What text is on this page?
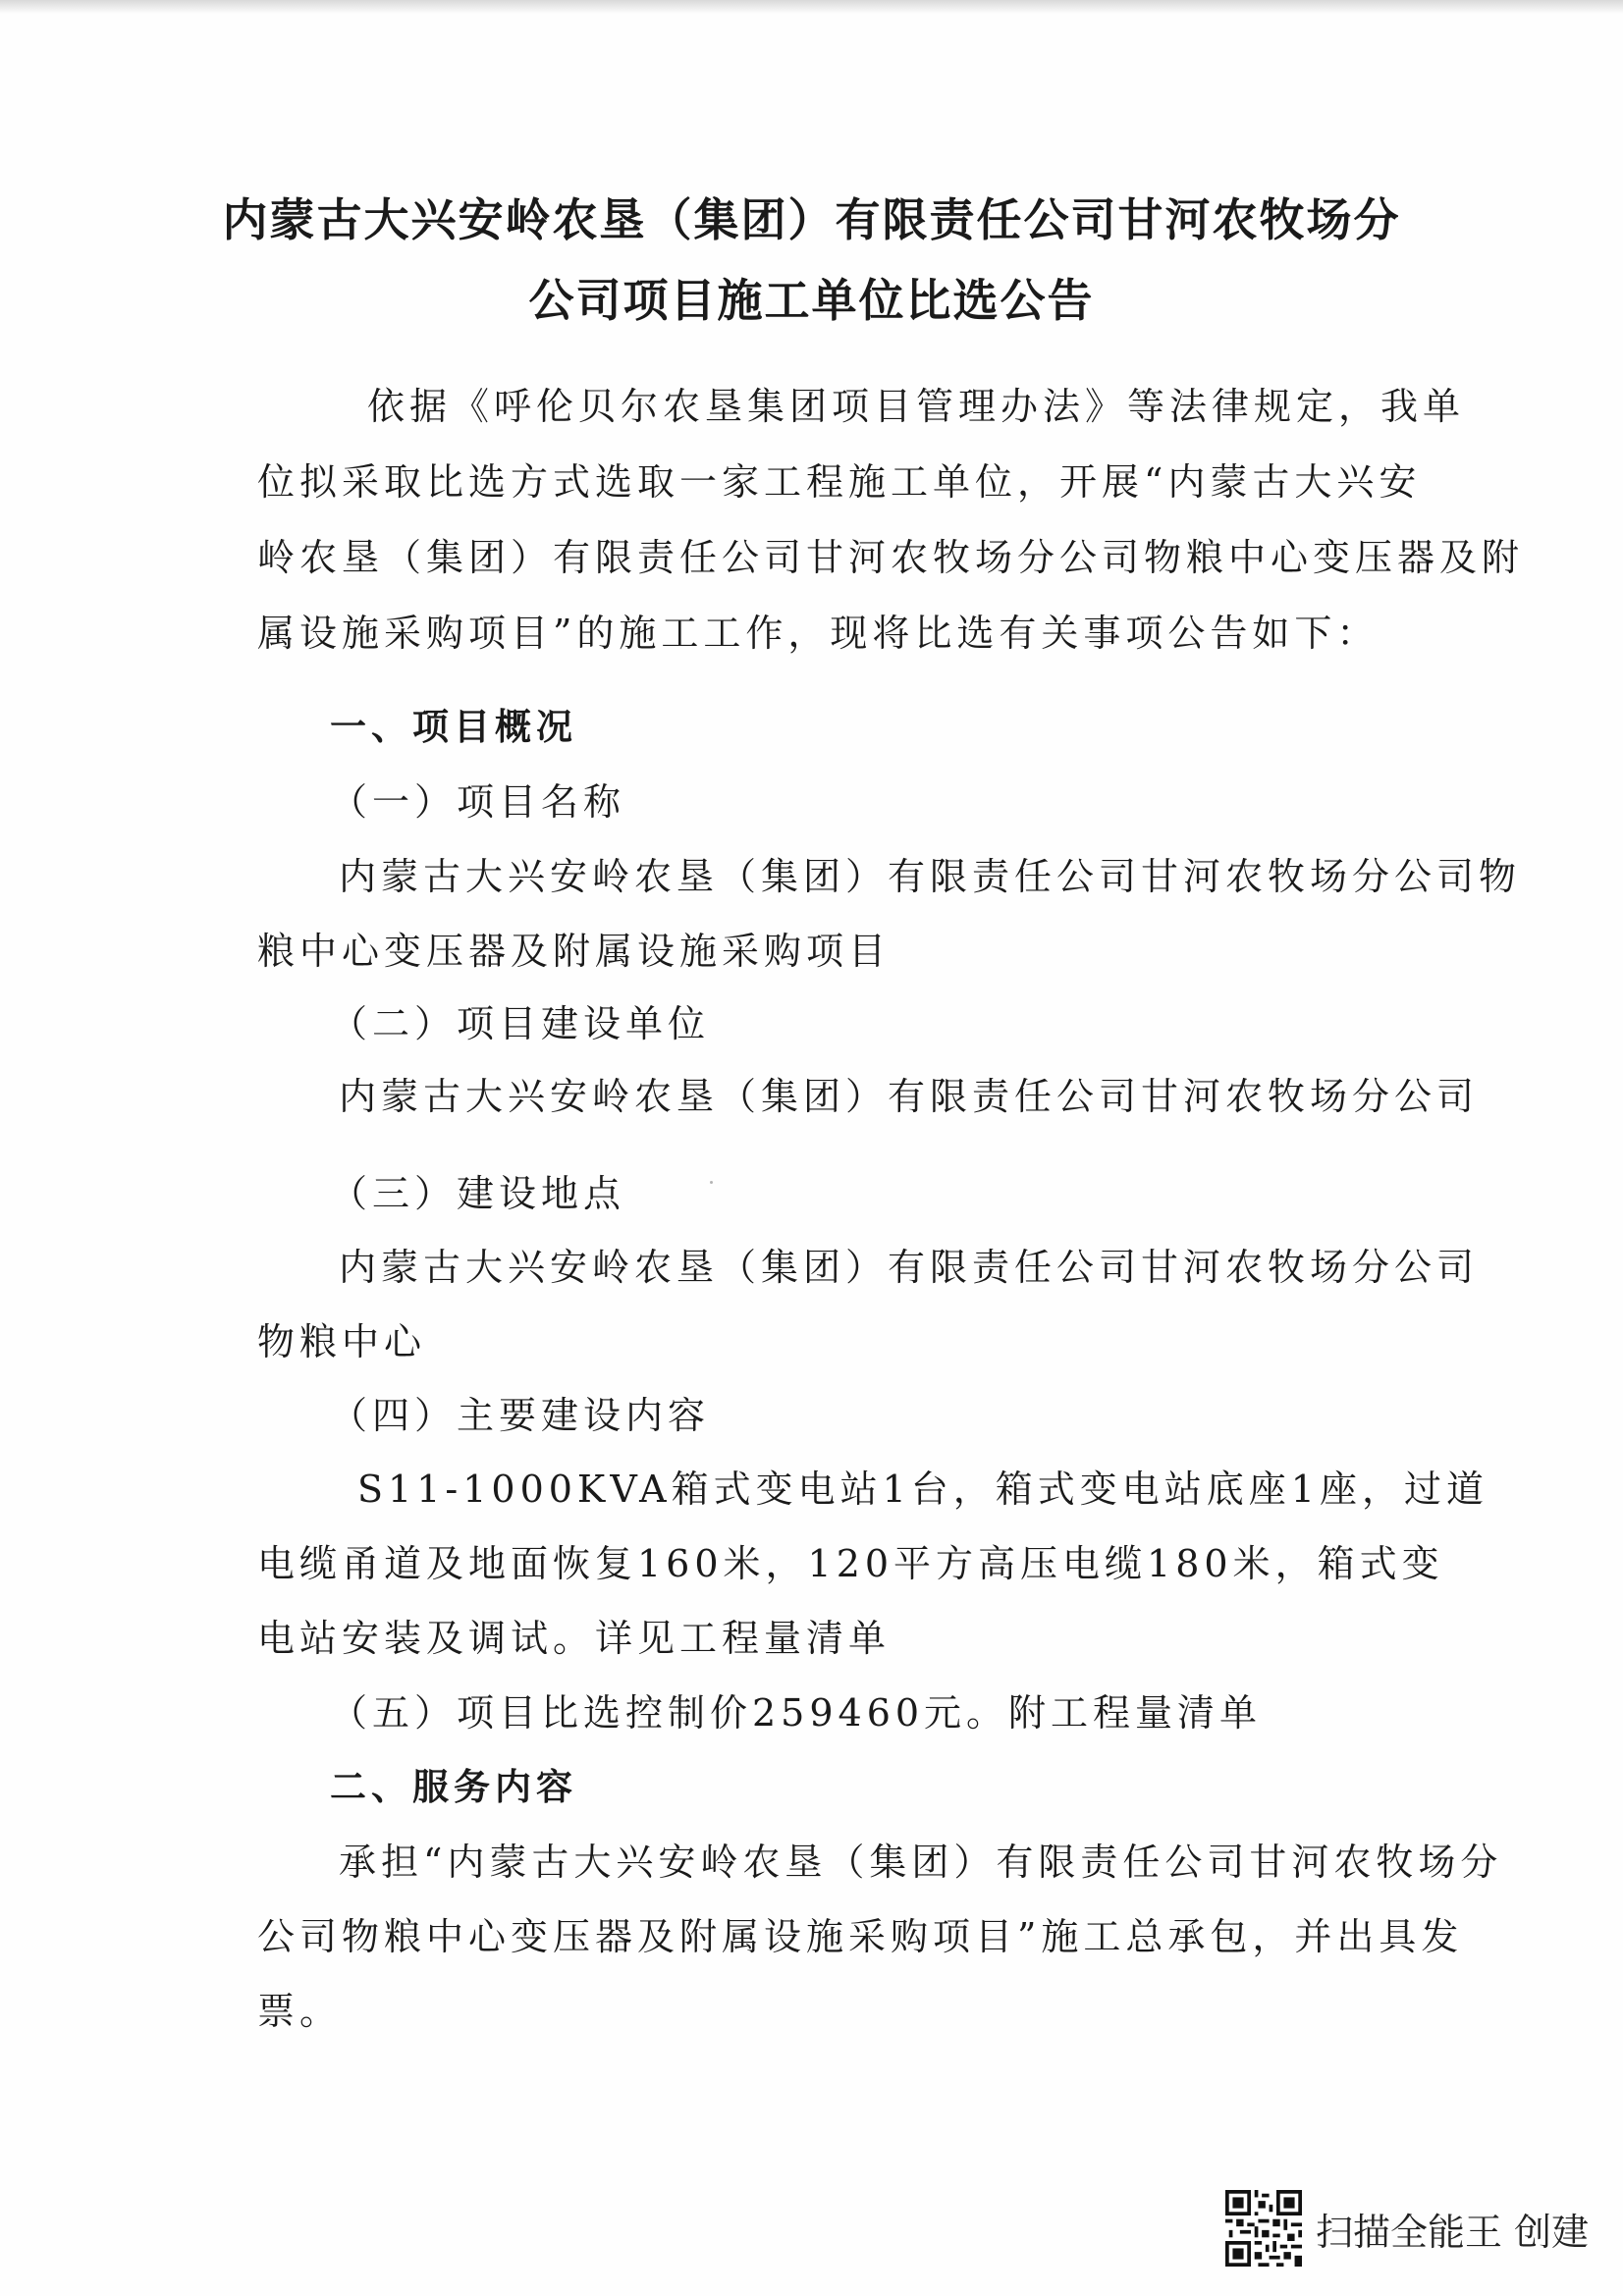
内蒙古大兴安岭农垦（集团）有限责任公司甘河农牧场分
公司项目施工单位比选公告
依据《呼伦贝尔农垦集团项目管理办法》等法律规定，我单
位拟采取比选方式选取一家工程施工单位，开展“内蒙古大兴安
岭农垦（集团）有限责任公司甘河农牧场分公司物粮中心变压器及附
属设施采购项目”的施工工作，现将比选有关事项公告如下：
一、项目概况
（一）项目名称
内蒙古大兴安岭农垦（集团）有限责任公司甘河农牧场分公司物
粮中心变压器及附属设施采购项目
（二）项目建设单位
内蒙古大兴安岭农垦（集团）有限责任公司甘河农牧场分公司
（三）建设地点
内蒙古大兴安岭农垦（集团）有限责任公司甘河农牧场分公司
物粮中心
（四）主要建设内容
S11-1000KVA箱式变电站1台，箱式变电站底座1座，过道
电缆甬道及地面恢复160米，120平方高压电缆180米，箱式变
电站安装及调试。详见工程量清单
（五）项目比选控制价259460元。附工程量清单
二、服务内容
承担“内蒙古大兴安岭农垦（集团）有限责任公司甘河农牧场分
公司物粮中心变压器及附属设施采购项目”施工总承包，并出具发
票。
扫描全能王 创建
